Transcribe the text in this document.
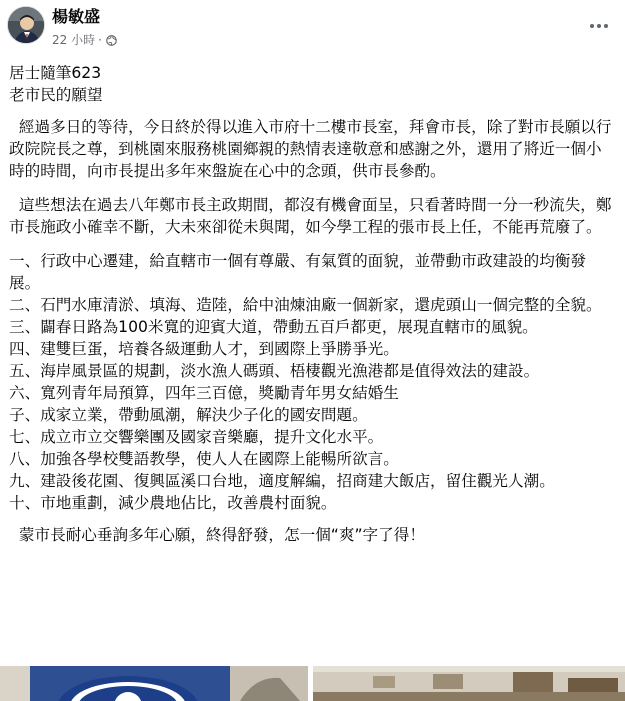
楊敏盛
22 小時 ·

居士隨筆623

老市民的願望

經過多日的等待，今日終於得以進入市府十二樓市長室，拜會市長，除了對市長願以行政院院長之尊，到桃園來服務桃園鄉親的熱情表達敬意和感謝之外，還用了將近一個小時的時間，向市長提出多年來盤旋在心中的念頭，供市長參酌。

這些想法在過去八年鄭市長主政期間，都沒有機會面呈，只看著時間一分一秒流失，鄭市長施政小確幸不斷，大未來卻從未與聞，如今學工程的張市長上任，不能再荒廢了。

一、行政中心遷建，給直轄市一個有尊嚴、有氣質的面貌，並帶動市政建設的均衡發展。

二、石門水庫清淤、填海、造陸，給中油煉油廠一個新家，還虎頭山一個完整的全貌。

三、闢春日路為100米寬的迎賓大道，帶動五百戶都更，展現直轄市的風貌。

四、建雙巨蛋，培養各級運動人才，到國際上爭勝爭光。

五、海岸風景區的規劃，淡水漁人碼頭、梧棲觀光漁港都是值得效法的建設。

六、寬列青年局預算，四年三百億，獎勵青年男女結婚生

子、成家立業，帶動風潮，解決少子化的國安問題。

七、成立市立交響樂團及國家音樂廳，提升文化水平。

八、加強各學校雙語教學，使人人在國際上能暢所欲言。

九、建設後花園、復興區溪口台地，適度解編，招商建大飯店，留住觀光人潮。

十、市地重劃，減少農地佔比，改善農村面貌。

蒙市長耐心垂詢多年心願，終得舒發，怎一個“爽”字了得！
